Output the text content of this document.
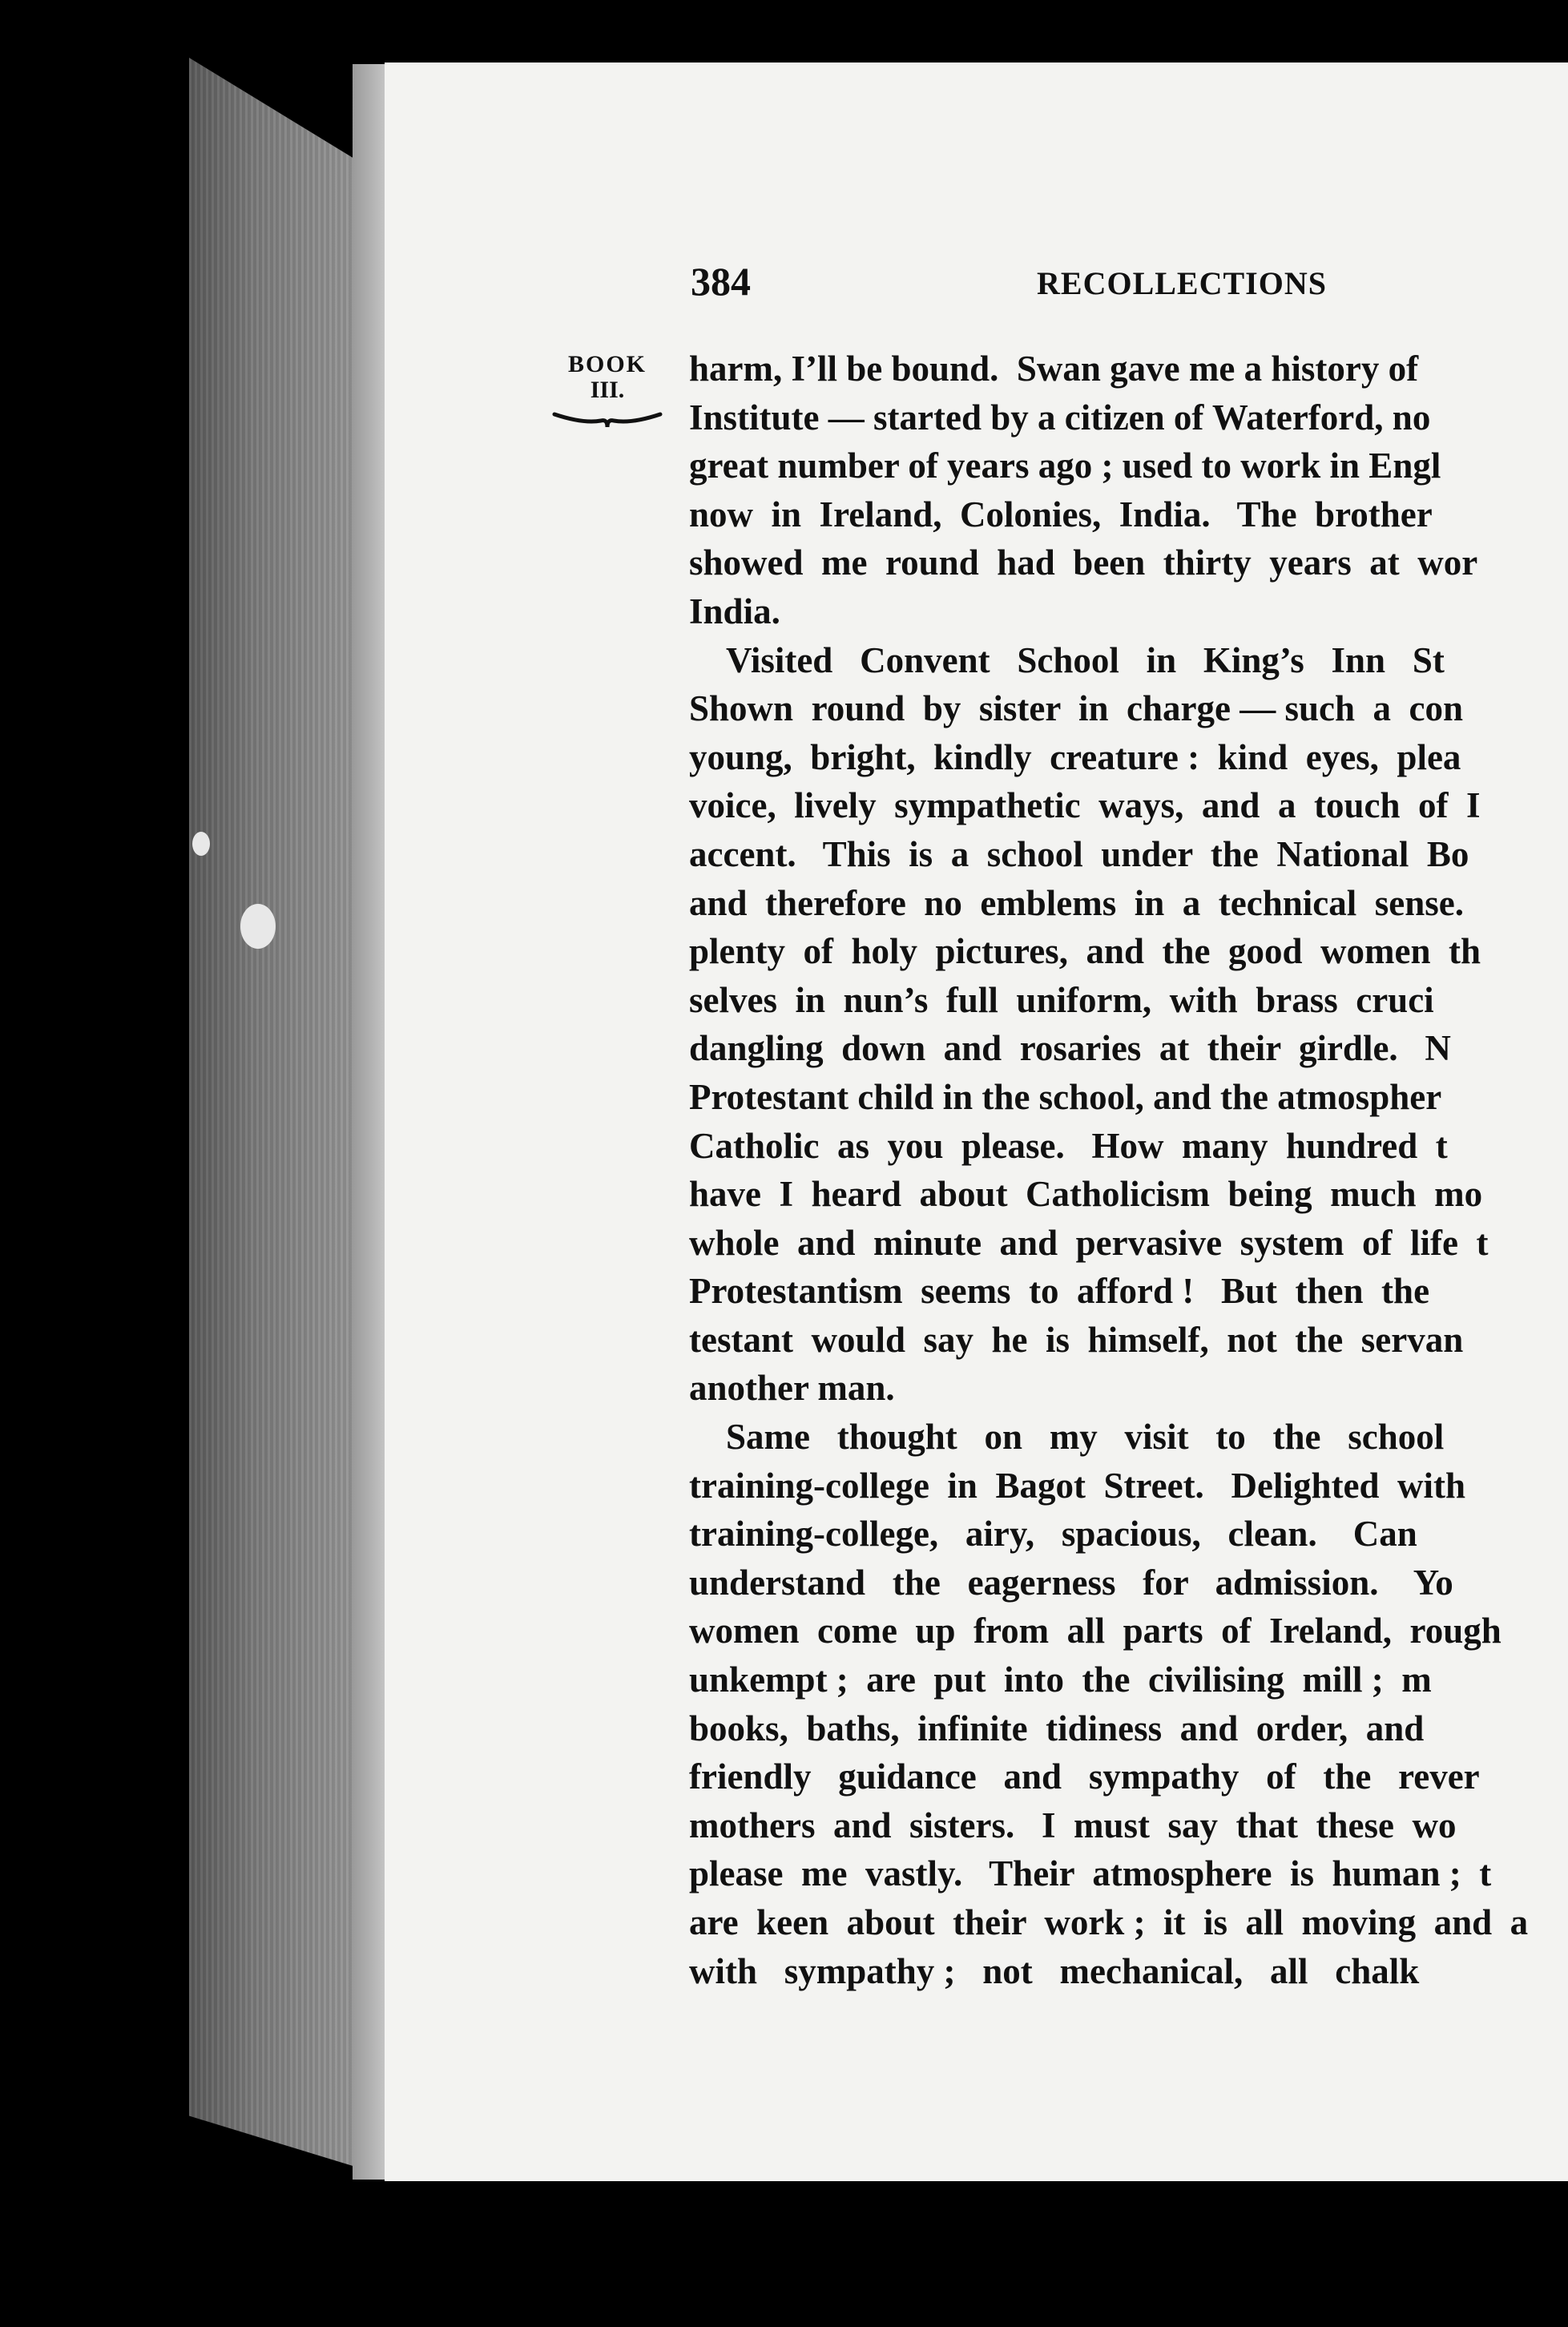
384	RECOLLECTIONS
BOOK
III.
harm, I’ll be bound.  Swan gave me a history of
Institute — started by a citizen of Waterford, no
great number of years ago ; used to work in Engl
now  in  Ireland,  Colonies,  India.   The  brother
showed  me  round  had  been  thirty  years  at  wor
India.
Visited   Convent   School   in   King’s   Inn   St
Shown  round  by  sister  in  charge — such  a  con
young,  bright,  kindly  creature :  kind  eyes,  plea
voice,  lively  sympathetic  ways,  and  a  touch  of  I
accent.   This  is  a  school  under  the  National  Bo
and  therefore  no  emblems  in  a  technical  sense.
plenty  of  holy  pictures,  and  the  good  women  th
selves  in  nun’s  full  uniform,  with  brass  cruci
dangling  down  and  rosaries  at  their  girdle.   N
Protestant child in the school, and the atmospher
Catholic  as  you  please.   How  many  hundred  t
have  I  heard  about  Catholicism  being  much  mo
whole  and  minute  and  pervasive  system  of  life  t
Protestantism  seems  to  afford !   But  then  the
testant  would  say  he  is  himself,  not  the  servan
another man.
Same   thought   on   my   visit   to   the   school
training-college  in  Bagot  Street.   Delighted  with
training-college,   airy,   spacious,   clean.    Can
understand   the   eagerness   for   admission.    Yo
women  come  up  from  all  parts  of  Ireland,  rough
unkempt ;  are  put  into  the  civilising  mill ;  m
books,  baths,  infinite  tidiness  and  order,  and
friendly   guidance   and   sympathy   of   the   rever
mothers  and  sisters.   I  must  say  that  these  wo
please  me  vastly.   Their  atmosphere  is  human ;  t
are  keen  about  their  work ;  it  is  all  moving  and  a
with   sympathy ;   not   mechanical,   all   chalk
